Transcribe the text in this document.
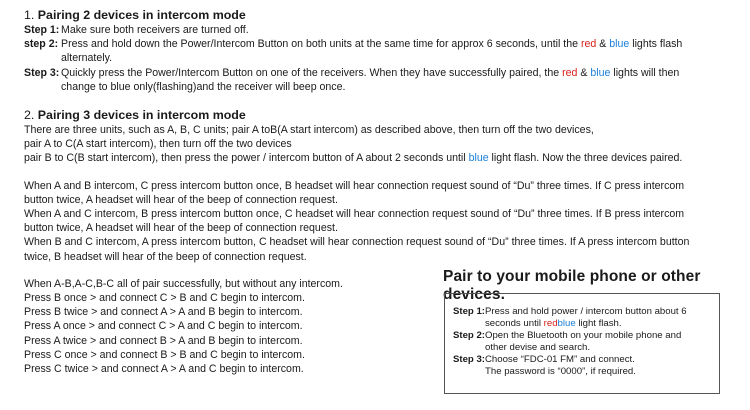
1. Pairing 2 devices in intercom mode
Step 1: Make sure both receivers are turned off.
step 2: Press and hold down the Power/Intercom Button on both units at the same time for approx 6 seconds, until the red & blue lights flash
alternately.
Step 3: Quickly press the Power/Intercom Button on one of the receivers. When they have successfully paired, the red & blue lights will then
change to blue only(flashing)and the receiver will beep once.
2. Pairing 3 devices in intercom mode

There are three units, such as A, B, C units; pair A toB(A start intercom) as described above, then turn off the two devices,

pair A to C(A start intercom), then turn off the two devices

pair B to C(B start intercom), then press the power / intercom button of A about 2 seconds until blue light flash. Now the three devices paired.

When A and B intercom, C press intercom button once, B headset will hear connection request sound of “Du” three times. If C press intercom

button twice, A headset will hear of the beep of connection request.

When A and C intercom, B press intercom button once, C headset will hear connection request sound of “Du” three times. If B press intercom

button twice, A headset will hear of the beep of connection request.

When B and C intercom, A press intercom button, C headset will hear connection request sound of “Du” three times. If A press intercom button

twice, B headset will hear of the beep of connection request.

When A-B,A-C,B-C all of pair successfully, but without any intercom.

Press B once > and connect C > B and C begin to intercom.

Press B twice > and connect A > A and B begin to intercom.

Press A once > and connect C > A and C begin to intercom.

Press A twice > and connect B > A and B begin to intercom.

Press C once > and connect B > B and C begin to intercom.

Press C twice > and connect A > A and C begin to intercom.

Pair to your mobile phone or other devices.
Step 1: Press and hold power / intercom button about 6
seconds until redblue light flash.
Step 2: Open the Bluetooth on your mobile phone and
other devise and search.
Step 3: Choose “FDC-01 FM” and connect.
The password is “0000”, if required.
